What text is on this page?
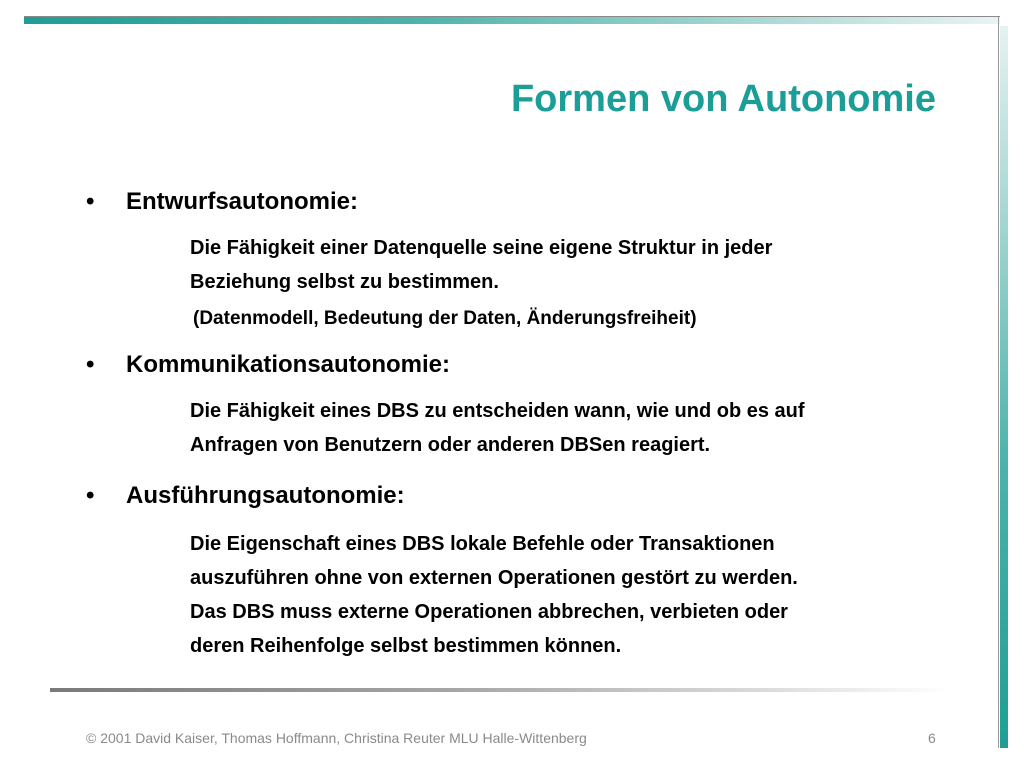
Formen von Autonomie
• Entwurfsautonomie:
Die Fähigkeit einer Datenquelle seine eigene Struktur in jeder
Beziehung selbst zu bestimmen.
(Datenmodell, Bedeutung der Daten, Änderungsfreiheit)
• Kommunikationsautonomie:
Die Fähigkeit eines DBS zu entscheiden wann, wie und ob es auf
Anfragen von Benutzern oder anderen DBSen reagiert.
• Ausführungsautonomie:
Die Eigenschaft eines DBS lokale Befehle oder Transaktionen
auszuführen ohne von externen Operationen gestört zu werden.
Das DBS muss externe Operationen abbrechen, verbieten oder
deren Reihenfolge selbst bestimmen können.
© 2001 David Kaiser, Thomas Hoffmann, Christina Reuter MLU Halle-Wittenberg	6
